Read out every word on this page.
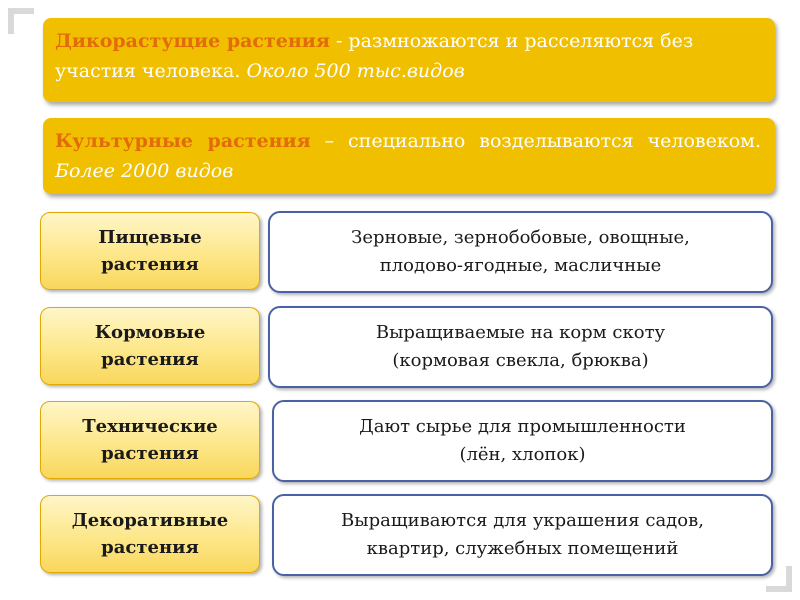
Дикорастущие растения - размножаются и расселяются без участия человека. Около 500 тыс.видов
Культурные растения – специально возделываются человеком. Более 2000 видов
Пищевые
растения
Зерновые, зернобобовые, овощные,
плодово-ягодные, масличные
Кормовые
растения
Выращиваемые на корм скоту
(кормовая свекла, брюква)
Технические
растения
Дают сырье для промышленности
(лён, хлопок)
Декоративные
растения
Выращиваются для украшения садов,
квартир, служебных помещений
